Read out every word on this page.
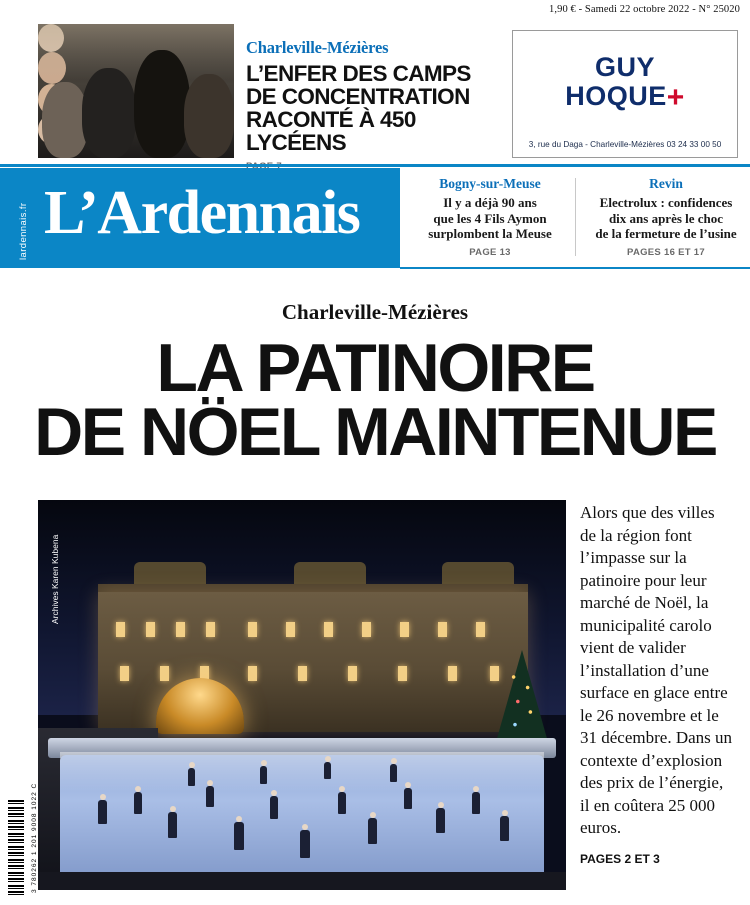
1,90 € - Samedi 22 octobre 2022 - N° 25020
Charleville-Mézières
L’ENFER DES CAMPS
DE CONCENTRATION
RACONTÉ À 450 LYCÉENS
GUY
HOQUE+
3, rue du Daga - Charleville-Mézières 03 24 33 00 50
lardennais.fr L’Ardennais	Bogny-sur-Meuse
Il y a déjà 90 ans
que les 4 Fils Aymon
surplombent la Meuse
PAGE 13
Revin
Electrolux : confidences
dix ans après le choc
de la fermeture de l’usine
PAGES 16 ET 17
Charleville-Mézières
LA PATINOIRE
DE NÖEL MAINTENUE
Archives Karen Kubena
Alors que des villes de la région font l’impasse sur la patinoire pour leur marché de Noël, la municipalité carolo vient de valider l’installation d’une surface en glace entre le 26 novembre et le 31 décembre. Dans un contexte d’explosion des prix de l’énergie, il en coûtera 25 000 euros.
PAGES 2 ET 3
3 780262 1 201 9008 1022 C
